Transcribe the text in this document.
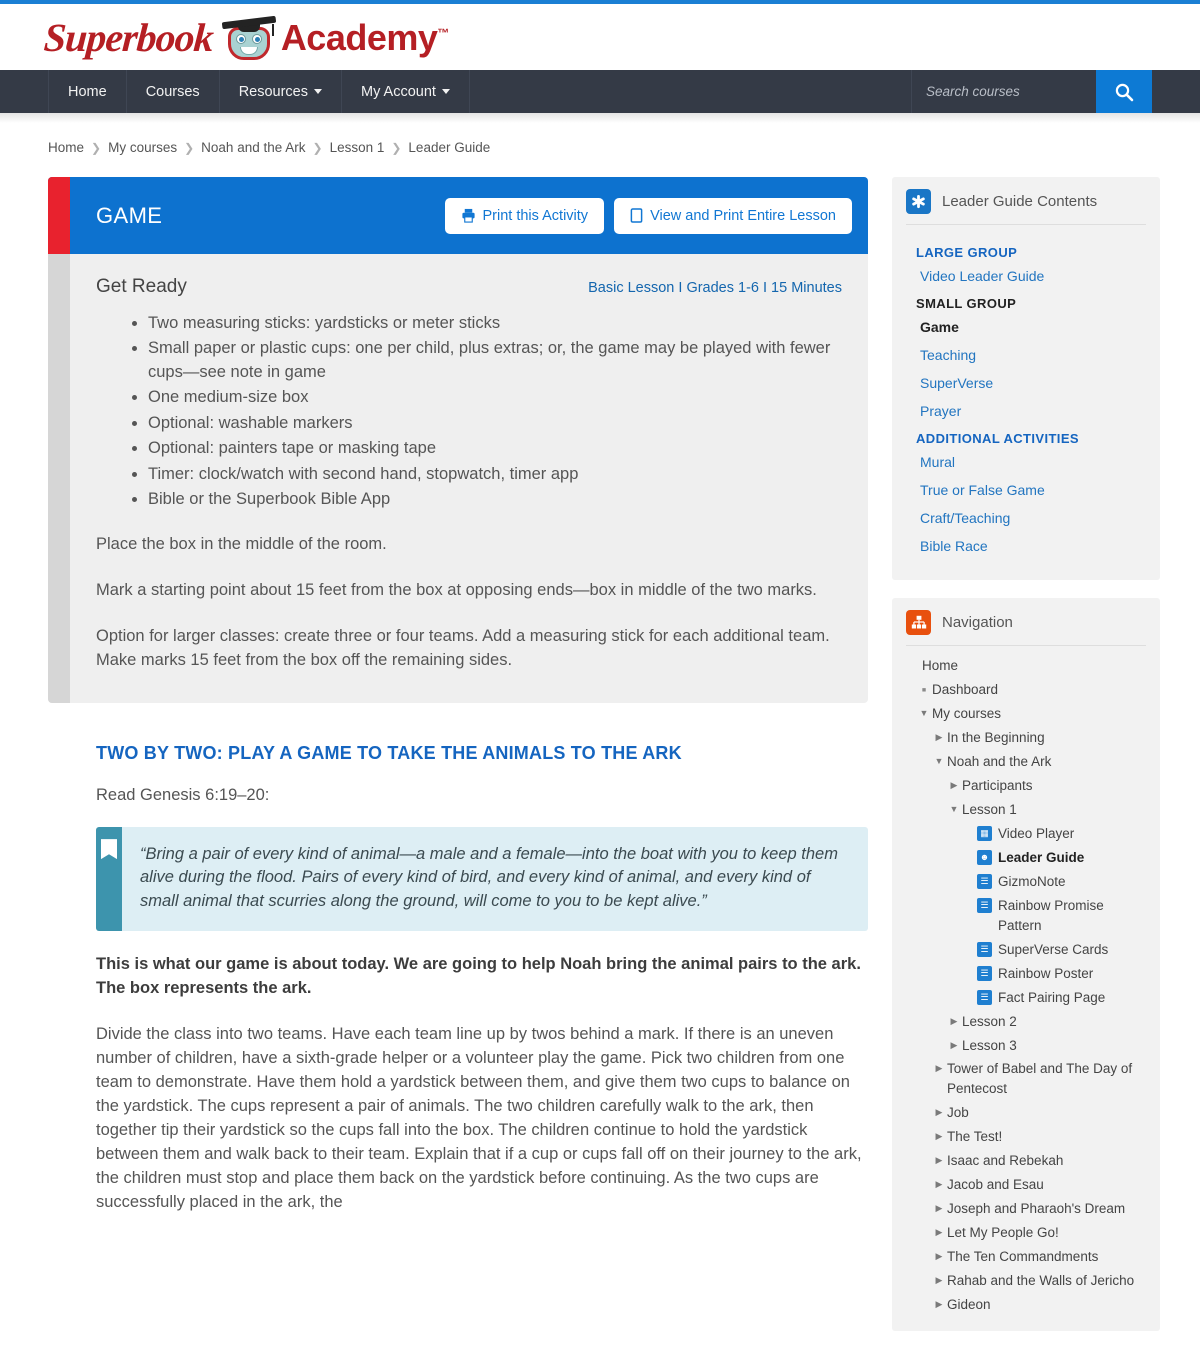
Superbook Academy™
Home	Courses	Resources	My Account
Search courses
Home ❯ My courses ❯ Noah and the Ark ❯ Lesson 1 ❯ Leader Guide
GAME	Print this Activity	View and Print Entire Lesson
Get Ready	Basic Lesson I Grades 1-6 I 15 Minutes
• Two measuring sticks: yardsticks or meter sticks
• Small paper or plastic cups: one per child, plus extras; or, the game may be played with fewer cups—see note in game
• One medium-size box
• Optional: washable markers
• Optional: painters tape or masking tape
• Timer: clock/watch with second hand, stopwatch, timer app
• Bible or the Superbook Bible App

Place the box in the middle of the room.

Mark a starting point about 15 feet from the box at opposing ends—box in middle of the two marks.

Option for larger classes: create three or four teams. Add a measuring stick for each additional team. Make marks 15 feet from the box off the remaining sides.

TWO BY TWO: PLAY A GAME TO TAKE THE ANIMALS TO THE ARK
Read Genesis 6:19–20:
“Bring a pair of every kind of animal—a male and a female—into the boat with you to keep them alive during the flood. Pairs of every kind of bird, and every kind of animal, and every kind of small animal that scurries along the ground, will come to you to be kept alive.”

This is what our game is about today. We are going to help Noah bring the animal pairs to the ark. The box represents the ark.

Divide the class into two teams. Have each team line up by twos behind a mark. If there is an uneven number of children, have a sixth-grade helper or a volunteer play the game. Pick two children from one team to demonstrate. Have them hold a yardstick between them, and give them two cups to balance on the yardstick. The cups represent a pair of animals. The two children carefully walk to the ark, then together tip their yardstick so the cups fall into the box. The children continue to hold the yardstick between them and walk back to their team. Explain that if a cup or cups fall off on their journey to the ark, the children must stop and place them back on the yardstick before continuing. As the two cups are successfully placed in the ark, the

Leader Guide Contents
LARGE GROUP
Video Leader Guide
SMALL GROUP
Game
Teaching
SuperVerse
Prayer
ADDITIONAL ACTIVITIES
Mural
True or False Game
Craft/Teaching
Bible Race
Navigation
Home
■
Dashboard
▼
My courses
▶
In the Beginning
▼
Noah and the Ark
▶
Participants
▼
Lesson 1
▦ Video Player
☻ Leader Guide
☰ GizmoNote
☰ Rainbow Promise Pattern
☰ SuperVerse Cards
☰ Rainbow Poster
☰ Fact Pairing Page
▶
Lesson 2
▶
Lesson 3
▶
Tower of Babel and The Day of Pentecost
▶
Job
▶
The Test!
▶
Isaac and Rebekah
▶
Jacob and Esau
▶
Joseph and Pharaoh's Dream
▶
Let My People Go!
▶
The Ten Commandments
▶
Rahab and the Walls of Jericho
▶
Gideon
